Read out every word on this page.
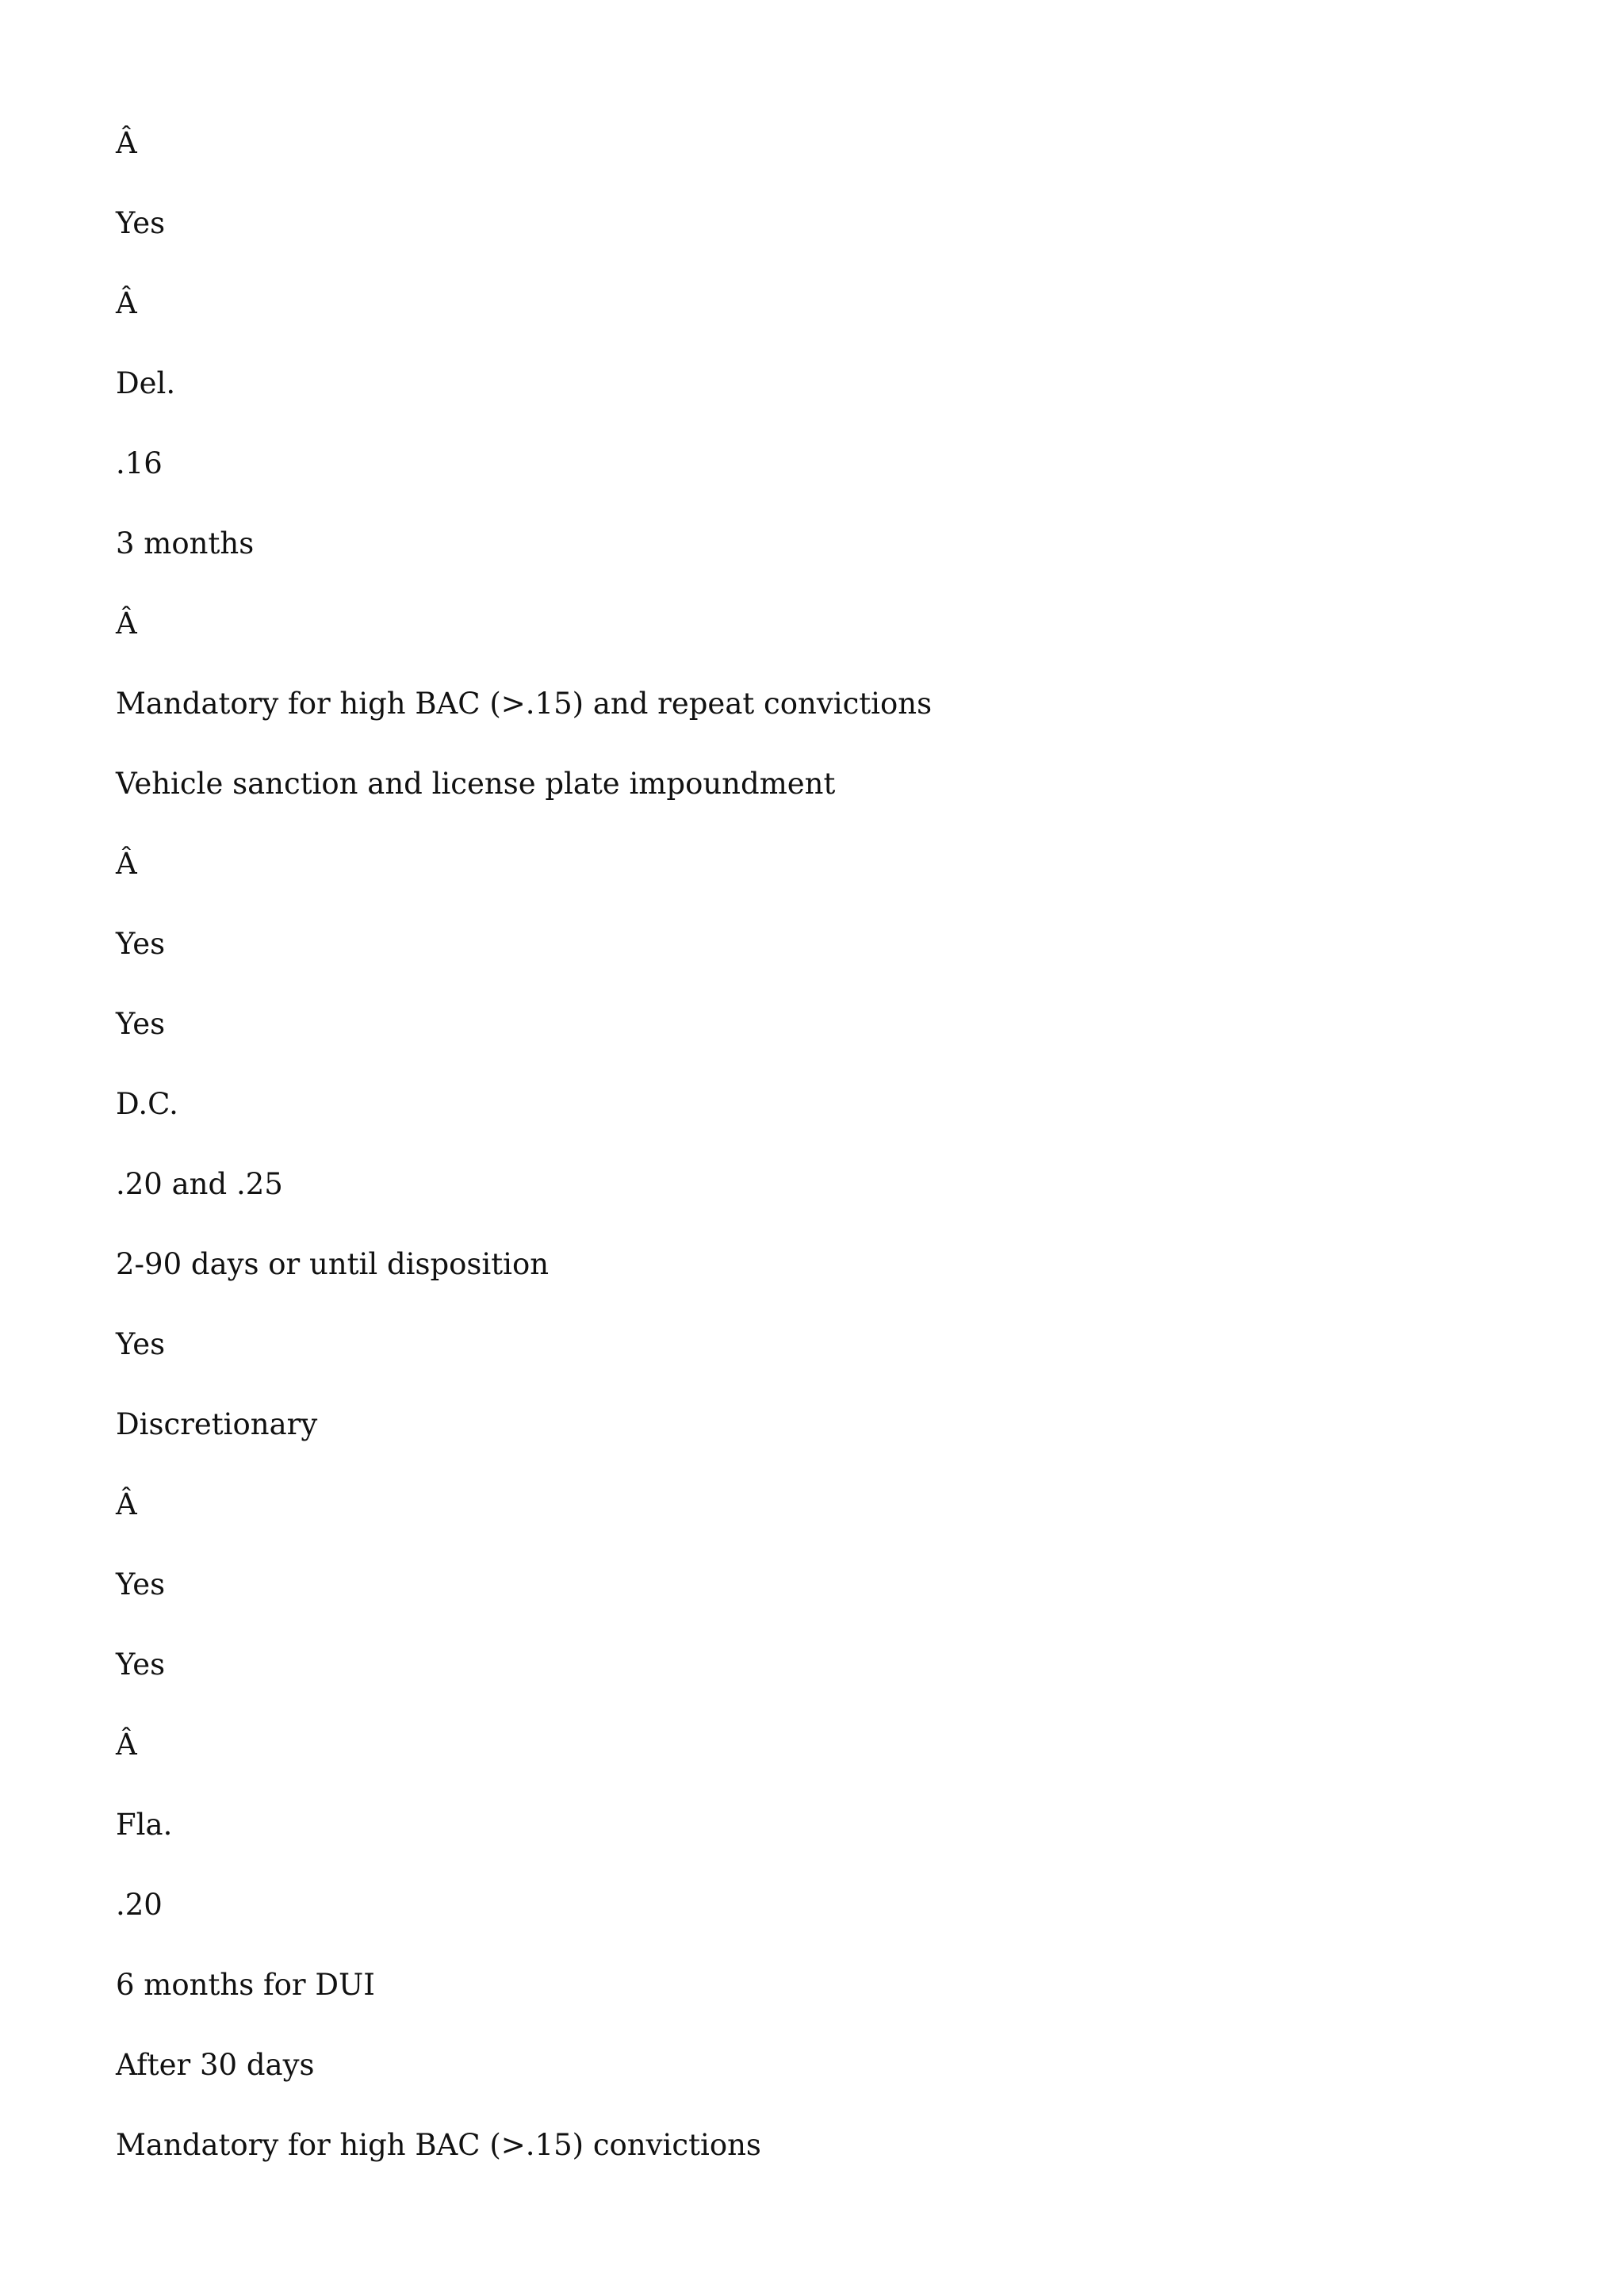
Â

Yes

Â

Del.

.16

3 months

Â

Mandatory for high BAC (>.15) and repeat convictions

Vehicle sanction and license plate impoundment

Â

Yes

Yes

D.C.

.20 and .25

2-90 days or until disposition

Yes

Discretionary

Â

Yes

Yes

Â

Fla.

.20

6 months for DUI

After 30 days

Mandatory for high BAC (>.15) convictions
